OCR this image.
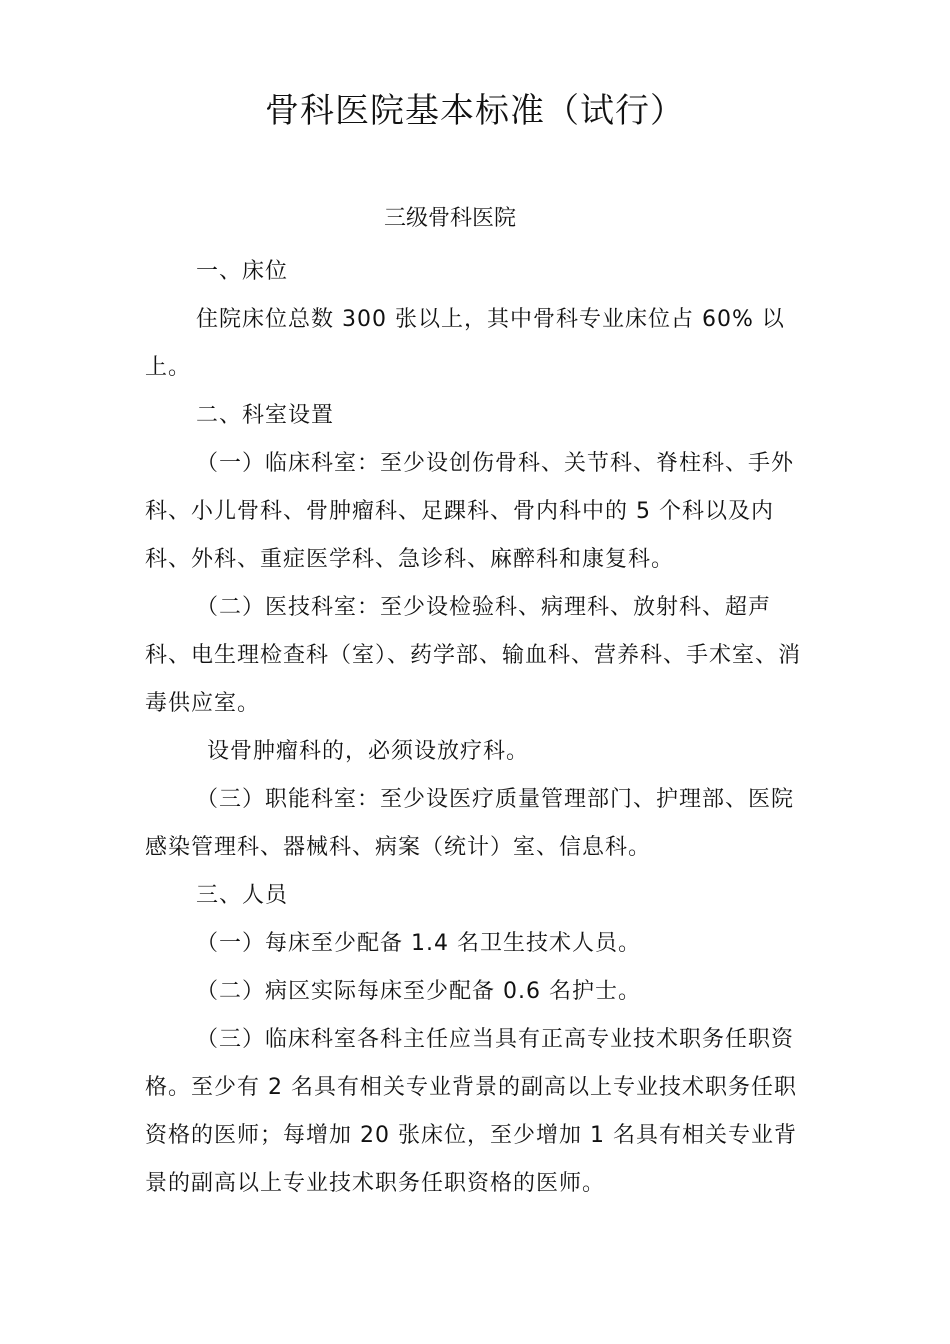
骨科医院基本标准（试行）
三级骨科医院

一、床位

住院床位总数 300 张以上，其中骨科专业床位占 60% 以上。

二、科室设置

（一）临床科室：至少设创伤骨科、关节科、脊柱科、手外科、小儿骨科、骨肿瘤科、足踝科、骨内科中的 5 个科以及内科、外科、重症医学科、急诊科、麻醉科和康复科。

（二）医技科室：至少设检验科、病理科、放射科、超声科、电生理检查科（室）、药学部、输血科、营养科、手术室、消毒供应室。

设骨肿瘤科的，必须设放疗科。

（三）职能科室：至少设医疗质量管理部门、护理部、医院感染管理科、器械科、病案（统计）室、信息科。

三、人员

（一）每床至少配备 1.4 名卫生技术人员。

（二）病区实际每床至少配备 0.6 名护士。

（三）临床科室各科主任应当具有正高专业技术职务任职资格。至少有 2 名具有相关专业背景的副高以上专业技术职务任职资格的医师；每增加 20 张床位，至少增加 1 名具有相关专业背景的副高以上专业技术职务任职资格的医师。
